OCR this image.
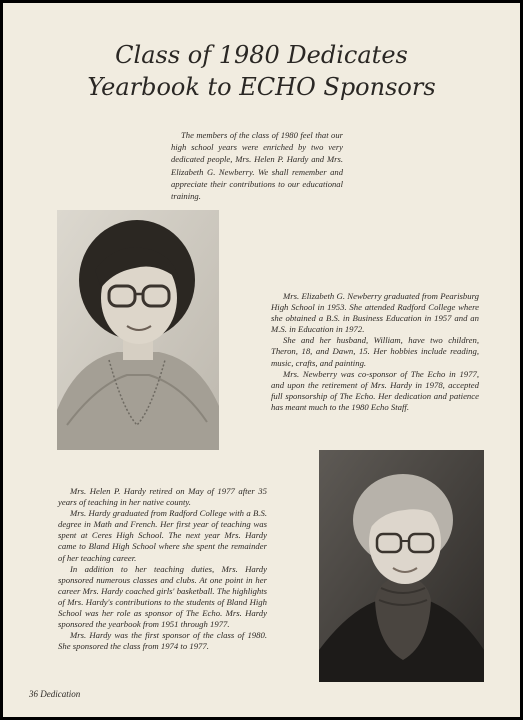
Class of 1980 Dedicates
Yearbook to ECHO Sponsors
The members of the class of 1980 feel that our high school years were enriched by two very dedicated people, Mrs. Helen P. Hardy and Mrs. Elizabeth G. Newberry. We shall remember and appreciate their contributions to our educational training.

Mrs. Elizabeth G. Newberry graduated from Pearisburg High School in 1953. She attended Radford College where she obtained a B.S. in Business Education in 1957 and an M.S. in Education in 1972.

She and her husband, William, have two children, Theron, 18, and Dawn, 15. Her hobbies include reading, music, crafts, and painting.

Mrs. Newberry was co-sponsor of The Echo in 1977, and upon the retirement of Mrs. Hardy in 1978, accepted full sponsorship of The Echo. Her dedication and patience has meant much to the 1980 Echo Staff.

Mrs. Helen P. Hardy retired on May of 1977 after 35 years of teaching in her native county.

Mrs. Hardy graduated from Radford College with a B.S. degree in Math and French. Her first year of teaching was spent at Ceres High School. The next year Mrs. Hardy came to Bland High School where she spent the remainder of her teaching career.

In addition to her teaching duties, Mrs. Hardy sponsored numerous classes and clubs. At one point in her career Mrs. Hardy coached girls' basketball. The highlights of Mrs. Hardy's contributions to the students of Bland High School was her role as sponsor of The Echo. Mrs. Hardy sponsored the yearbook from 1951 through 1977.

Mrs. Hardy was the first sponsor of the class of 1980. She sponsored the class from 1974 to 1977.

36 Dedication
